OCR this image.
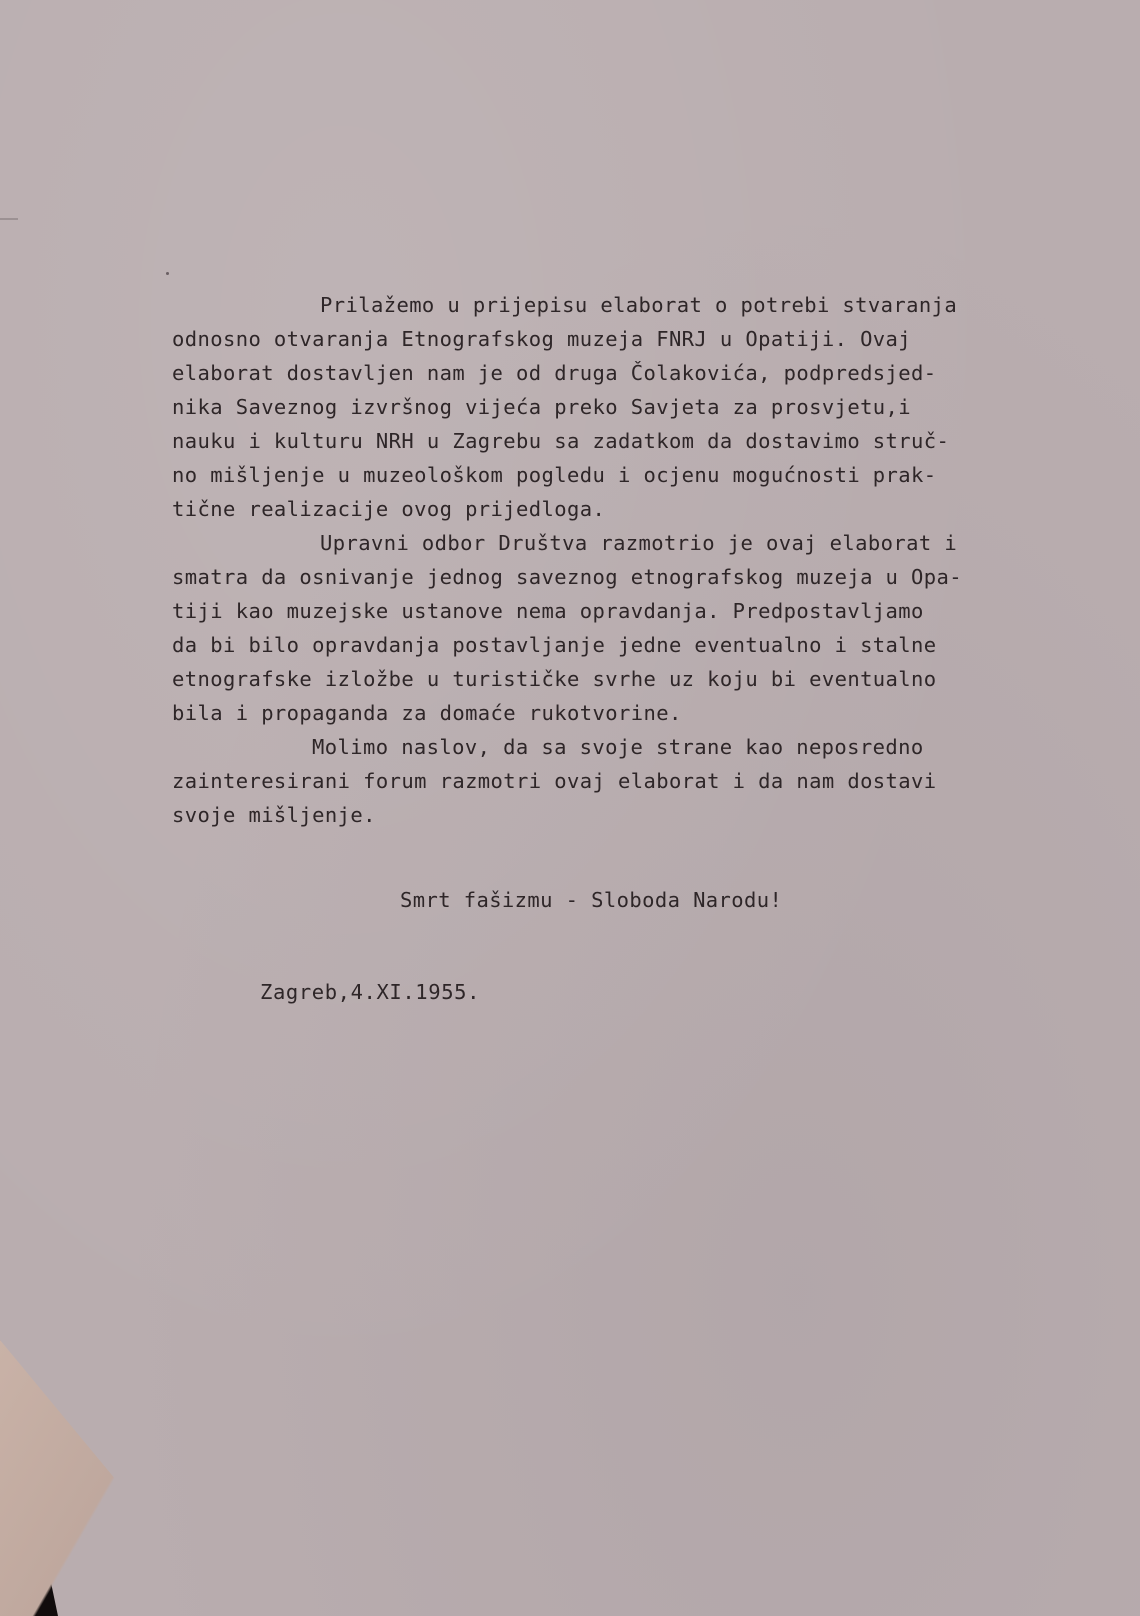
Prilažemo u prijepisu elaborat o potrebi stvaranja

odnosno otvaranja Etnografskog muzeja FNRJ u Opatiji. Ovaj

elaborat dostavljen nam je od druga Čolakovića, podpredsjed-

nika Saveznog izvršnog vijeća preko Savjeta za prosvjetu,i

nauku i kulturu NRH u Zagrebu sa zadatkom da dostavimo struč-

no mišljenje u muzeološkom pogledu i ocjenu mogućnosti prak-

tične realizacije ovog prijedloga.

Upravni odbor Društva razmotrio je ovaj elaborat i

smatra da osnivanje jednog saveznog etnografskog muzeja u Opa-

tiji kao muzejske ustanove nema opravdanja. Predpostavljamo

da bi bilo opravdanja postavljanje jedne eventualno i stalne

etnografske izložbe u turističke svrhe uz koju bi eventualno

bila i propaganda za domaće rukotvorine.

Molimo naslov, da sa svoje strane kao neposredno

zainteresirani forum razmotri ovaj elaborat i da nam dostavi

svoje mišljenje.

Smrt fašizmu - Sloboda Narodu!
Zagreb,4.XI.1955.
